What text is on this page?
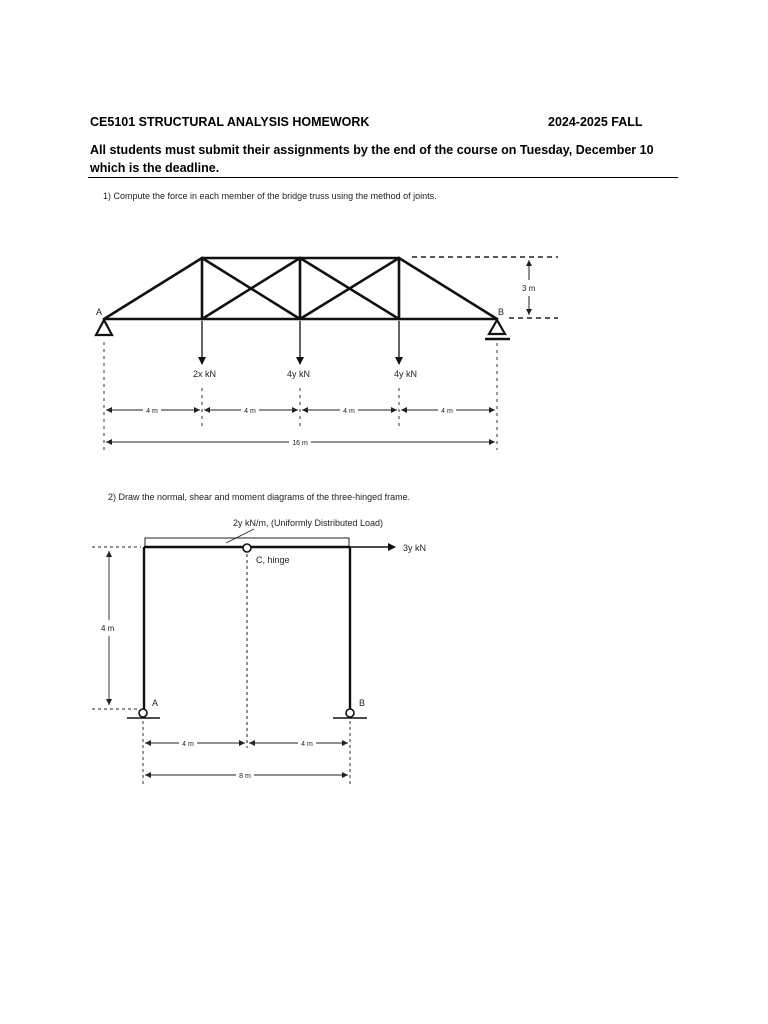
CE5101 STRUCTURAL ANALYSIS HOMEWORK	2024-2025 FALL

All students must submit their assignments by the end of the course on Tuesday, December 10 which is the deadline.

1) Compute the force in each member of the bridge truss using the method of joints.
2) Draw the normal, shear and moment diagrams of the three-hinged frame.
A	B
3 m
2x kN	4y kN	4y kN
4 m	4 m	4 m	4 m
16 m
2y kN/m, (Uniformly Distributed Load)
3y kN
C, hinge
4 m
A	B
4 m	4 m
8 m
